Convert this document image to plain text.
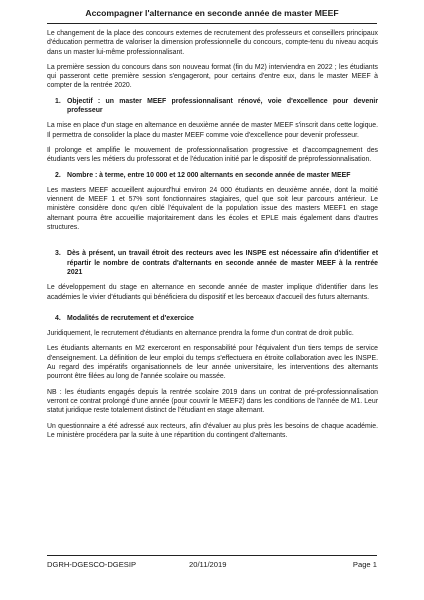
Accompagner l'alternance en seconde année de master MEEF

Le changement de la place des concours externes de recrutement des professeurs et conseillers principaux d'éducation permettra de valoriser la dimension professionnelle du concours, compte-tenu du niveau acquis dans un master lui-même professionnalisant.

La première session du concours dans son nouveau format (fin du M2) interviendra en 2022 ; les étudiants qui passeront cette première session s'engageront, pour certains d'entre eux, dans le master MEEF à compter de la rentrée 2020.

1. Objectif : un master MEEF professionnalisant rénové, voie d'excellence pour devenir professeur

La mise en place d'un stage en alternance en deuxième année de master MEEF s'inscrit dans cette logique. Il permettra de consolider la place du master MEEF comme voie d'excellence pour devenir professeur.

Il prolonge et amplifie le mouvement de professionnalisation progressive et d'accompagnement des étudiants vers les métiers du professorat et de l'éducation initié par le dispositif de préprofessionnalisation.

2. Nombre : à terme, entre 10 000 et 12 000 alternants en seconde année de master MEEF

Les masters MEEF accueillent aujourd'hui environ 24 000 étudiants en deuxième année, dont la moitié viennent de MEEF 1 et 57% sont fonctionnaires stagiaires, quel que soit leur parcours antérieur. Le ministère considère donc qu'en ciblé l'équivalent de la population issue des masters MEEF1 en stage alternant pourra être accueillie majoritairement dans les écoles et EPLE mais également dans d'autres structures.

3. Dès à présent, un travail étroit des recteurs avec les INSPE est nécessaire afin d'identifier et répartir le nombre de contrats d'alternants en seconde année de master MEEF à la rentrée 2021

Le développement du stage en alternance en seconde année de master implique d'identifier dans les académies le vivier d'étudiants qui bénéficiera du dispositif et les berceaux d'accueil des futurs alternants.

4. Modalités de recrutement et d'exercice

Juridiquement, le recrutement d'étudiants en alternance prendra la forme d'un contrat de droit public.

Les étudiants alternants en M2 exerceront en responsabilité pour l'équivalent d'un tiers temps de service d'enseignement. La définition de leur emploi du temps s'effectuera en étroite collaboration avec les INSPE. Au regard des impératifs organisationnels de leur année universitaire, les interventions des alternants pourront être filées au long de l'année scolaire ou massée.

NB : les étudiants engagés depuis la rentrée scolaire 2019 dans un contrat de pré-professionnalisation verront ce contrat prolongé d'une année (pour couvrir le MEEF2) dans les conditions de l'année de M1. Leur statut juridique reste totalement distinct de l'étudiant en stage alternant.

Un questionnaire a été adressé aux recteurs, afin d'évaluer au plus près les besoins de chaque académie. Le ministère procédera par la suite à une répartition du contingent d'alternants.

DGRH-DGESCO-DGESIP	20/11/2019	Page 1
